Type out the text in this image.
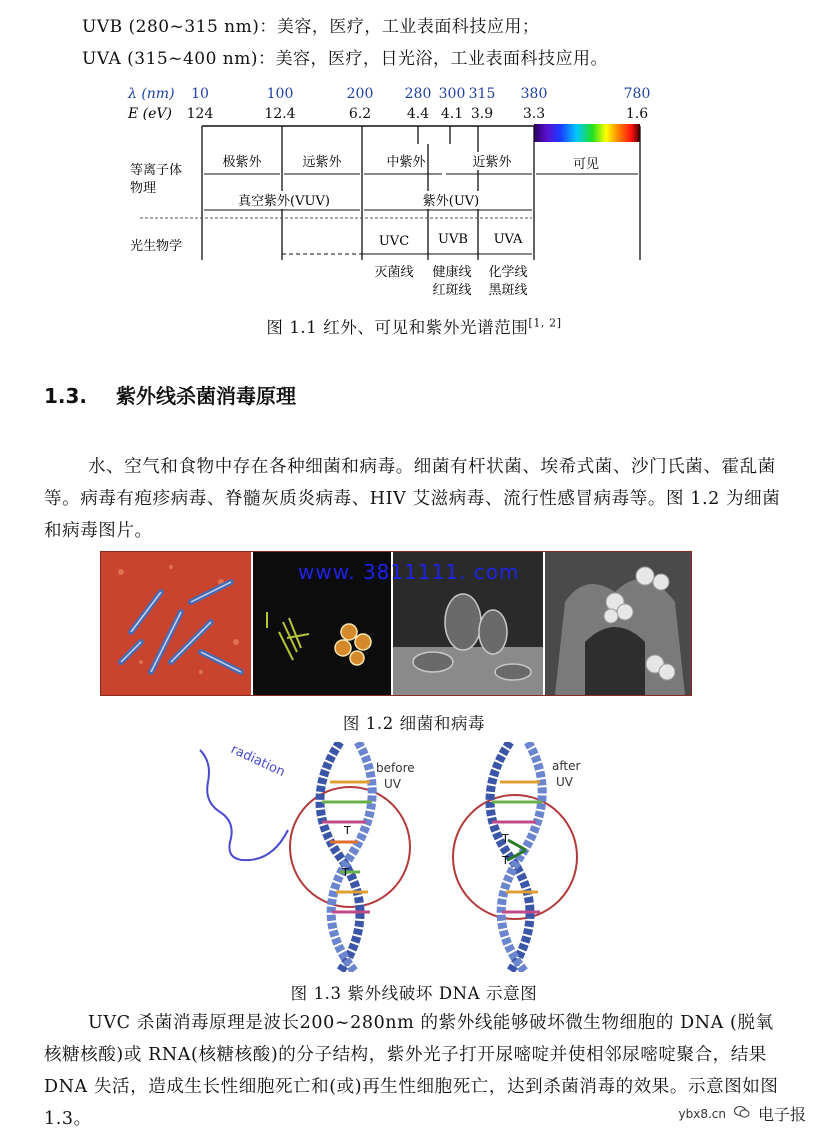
UVB (280~315 nm)：美容，医疗，工业表面科技应用；
UVA (315~400 nm)：美容，医疗，日光浴，工业表面科技应用。
λ (nm)
E (eV)
10	100	200 280 300 315 380	780
124	12.4	6.2	4.4 4.1 3.9 3.3	1.6
等离子体
物理
光生物学
极紫外	远紫外	中紫外	近紫外	可见
真空紫外(VUV)	紫外(UV)
UVC UVB UVA
灭菌线 健康线
红斑线
化学线
黑斑线
图 1.1 红外、可见和紫外光谱范围[1, 2]
1.3. 紫外线杀菌消毒原理

水、空气和食物中存在各种细菌和病毒。细菌有杆状菌、埃希式菌、沙门氏菌、霍乱菌等。病毒有疱疹病毒、脊髓灰质炎病毒、HIV 艾滋病毒、流行性感冒病毒等。图 1.2 为细菌和病毒图片。

www. 3811111. com
图 1.2 细菌和病毒
radiation
T
T
before
UV
T
T
after
UV
图 1.3 紫外线破坏 DNA 示意图

UVC 杀菌消毒原理是波长200~280nm 的紫外线能够破坏微生物细胞的 DNA (脱氧核糖核酸)或 RNA(核糖核酸)的分子结构，紫外光子打开尿嘧啶并使相邻尿嘧啶聚合，结果 DNA 失活，造成生长性细胞死亡和(或)再生性细胞死亡，达到杀菌消毒的效果。示意图如图 1.3。	ybx8.cn 电子报
